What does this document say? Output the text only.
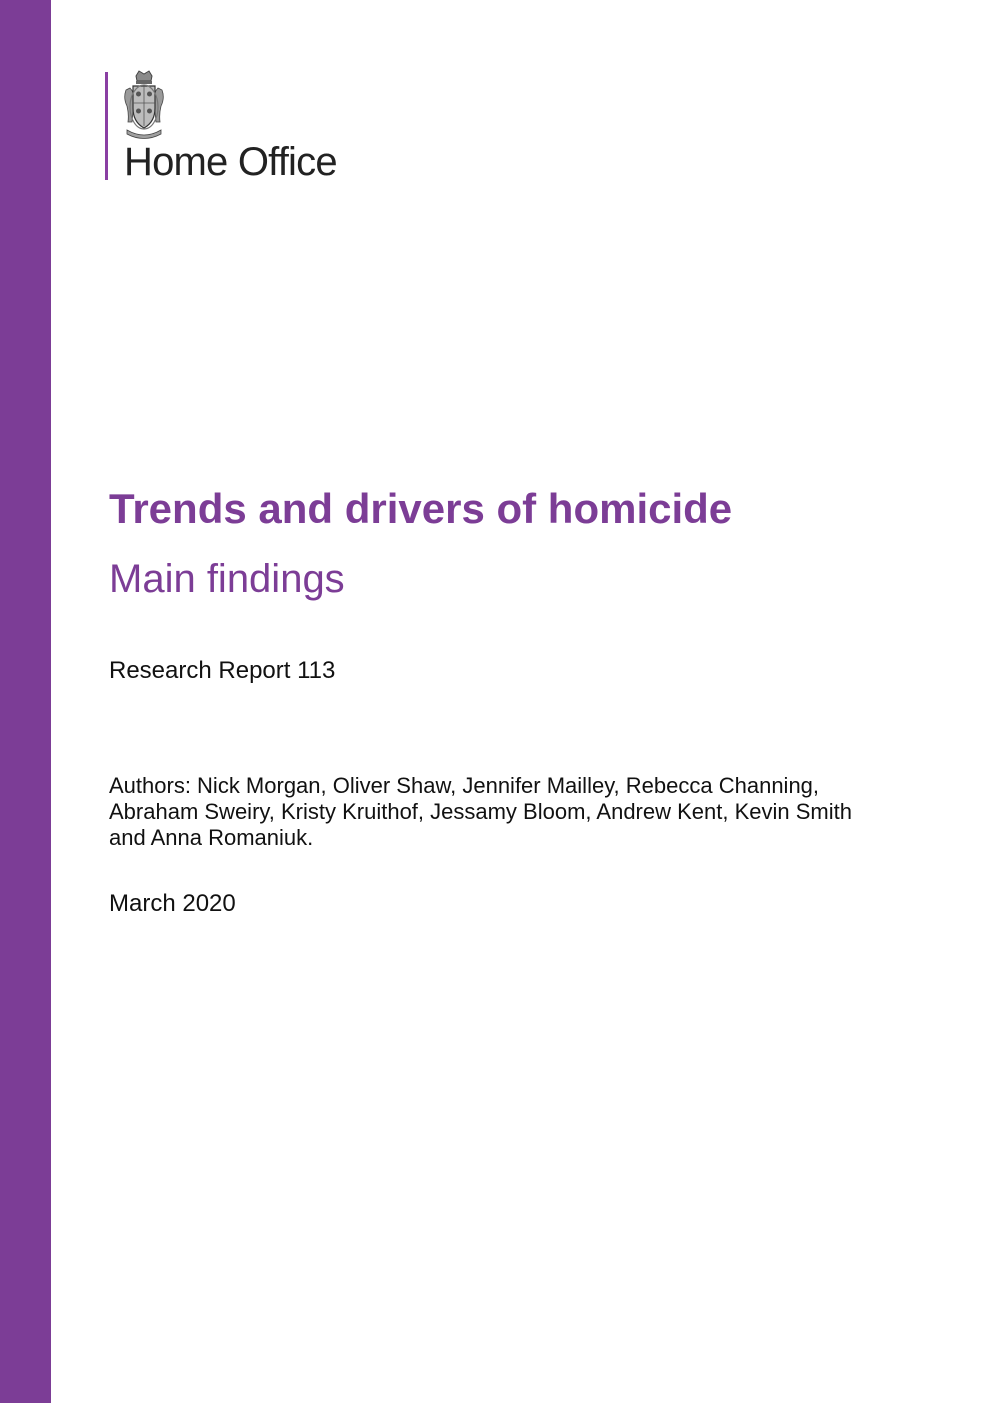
Home Office
Trends and drivers of homicide
Main findings
Research Report 113
Authors: Nick Morgan, Oliver Shaw, Jennifer Mailley, Rebecca Channing,
Abraham Sweiry, Kristy Kruithof, Jessamy Bloom, Andrew Kent, Kevin Smith
and Anna Romaniuk.
March 2020
